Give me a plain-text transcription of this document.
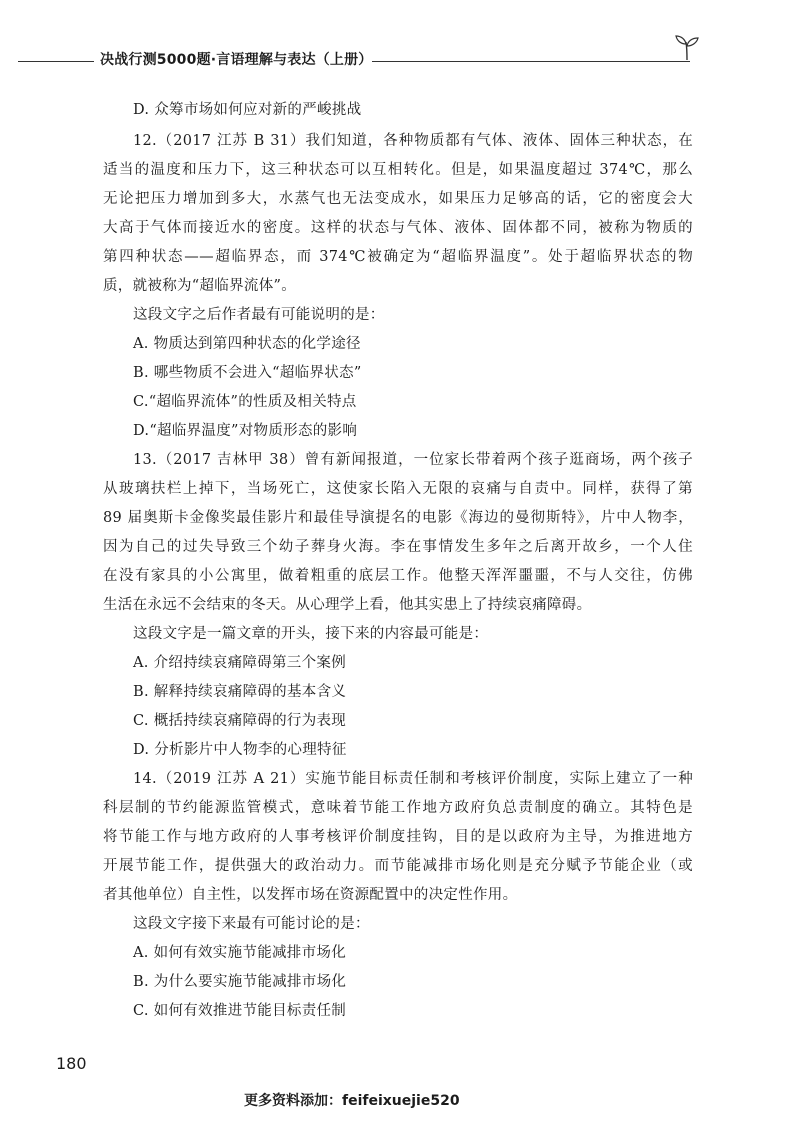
决战行测5000题·言语理解与表达（上册）
D. 众筹市场如何应对新的严峻挑战
12.（2017 江苏 B 31）我们知道，各种物质都有气体、液体、固体三种状态，在
适当的温度和压力下，这三种状态可以互相转化。但是，如果温度超过 374℃，那么
无论把压力增加到多大，水蒸气也无法变成水，如果压力足够高的话，它的密度会大
大高于气体而接近水的密度。这样的状态与气体、液体、固体都不同，被称为物质的
第四种状态——超临界态，而 374℃被确定为“超临界温度”。处于超临界状态的物
质，就被称为“超临界流体”。
这段文字之后作者最有可能说明的是：
A. 物质达到第四种状态的化学途径
B. 哪些物质不会进入“超临界状态”
C.“超临界流体”的性质及相关特点
D.“超临界温度”对物质形态的影响
13.（2017 吉林甲 38）曾有新闻报道，一位家长带着两个孩子逛商场，两个孩子
从玻璃扶栏上掉下，当场死亡，这使家长陷入无限的哀痛与自责中。同样，获得了第
89 届奥斯卡金像奖最佳影片和最佳导演提名的电影《海边的曼彻斯特》，片中人物李，
因为自己的过失导致三个幼子葬身火海。李在事情发生多年之后离开故乡，一个人住
在没有家具的小公寓里，做着粗重的底层工作。他整天浑浑噩噩，不与人交往，仿佛
生活在永远不会结束的冬天。从心理学上看，他其实患上了持续哀痛障碍。
这段文字是一篇文章的开头，接下来的内容最可能是：
A. 介绍持续哀痛障碍第三个案例
B. 解释持续哀痛障碍的基本含义
C. 概括持续哀痛障碍的行为表现
D. 分析影片中人物李的心理特征
14.（2019 江苏 A 21）实施节能目标责任制和考核评价制度，实际上建立了一种
科层制的节约能源监管模式，意味着节能工作地方政府负总责制度的确立。其特色是
将节能工作与地方政府的人事考核评价制度挂钩，目的是以政府为主导，为推进地方
开展节能工作，提供强大的政治动力。而节能减排市场化则是充分赋予节能企业（或
者其他单位）自主性，以发挥市场在资源配置中的决定性作用。
这段文字接下来最有可能讨论的是：
A. 如何有效实施节能减排市场化
B. 为什么要实施节能减排市场化
C. 如何有效推进节能目标责任制
180
更多资料添加：feifeixuejie520
